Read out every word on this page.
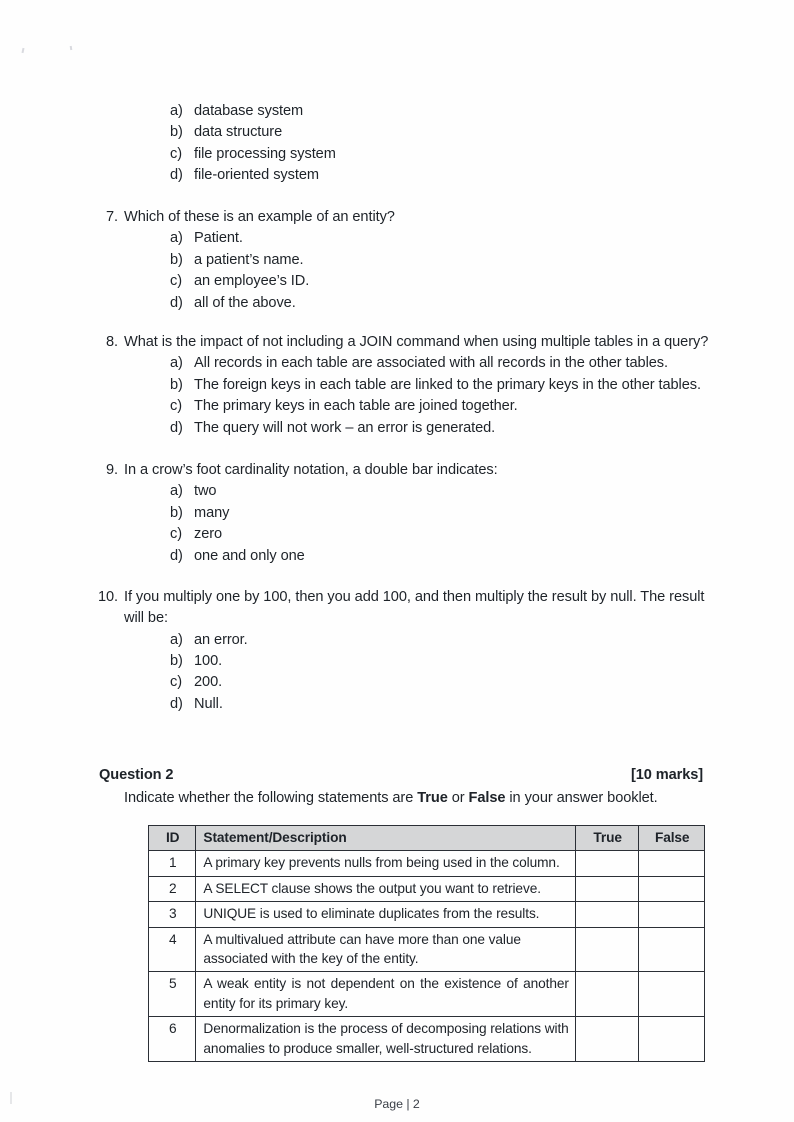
a) database system
b) data structure
c) file processing system
d) file-oriented system
7. Which of these is an example of an entity?
a) Patient.
b) a patient’s name.
c) an employee’s ID.
d) all of the above.
8. What is the impact of not including a JOIN command when using multiple tables in a query?
a) All records in each table are associated with all records in the other tables.
b) The foreign keys in each table are linked to the primary keys in the other tables.
c) The primary keys in each table are joined together.
d) The query will not work – an error is generated.
9. In a crow’s foot cardinality notation, a double bar indicates:
a) two
b) many
c) zero
d) one and only one
10. If you multiply one by 100, then you add 100, and then multiply the result by null. The result
will be:
a) an error.
b) 100.
c) 200.
d) Null.
Question 2	[10 marks]
Indicate whether the following statements are True or False in your answer booklet.
ID	Statement/Description	True	False
1	A primary key prevents nulls from being used in the column.		
2	A SELECT clause shows the output you want to retrieve.		
3	UNIQUE is used to eliminate duplicates from the results.		
4	A multivalued attribute can have more than one value associated with the key of the entity.		
5	A weak entity is not dependent on the existence of another
entity for its primary key.		
6	Denormalization is the process of decomposing relations with anomalies to produce smaller, well-structured relations.		
Page | 2
